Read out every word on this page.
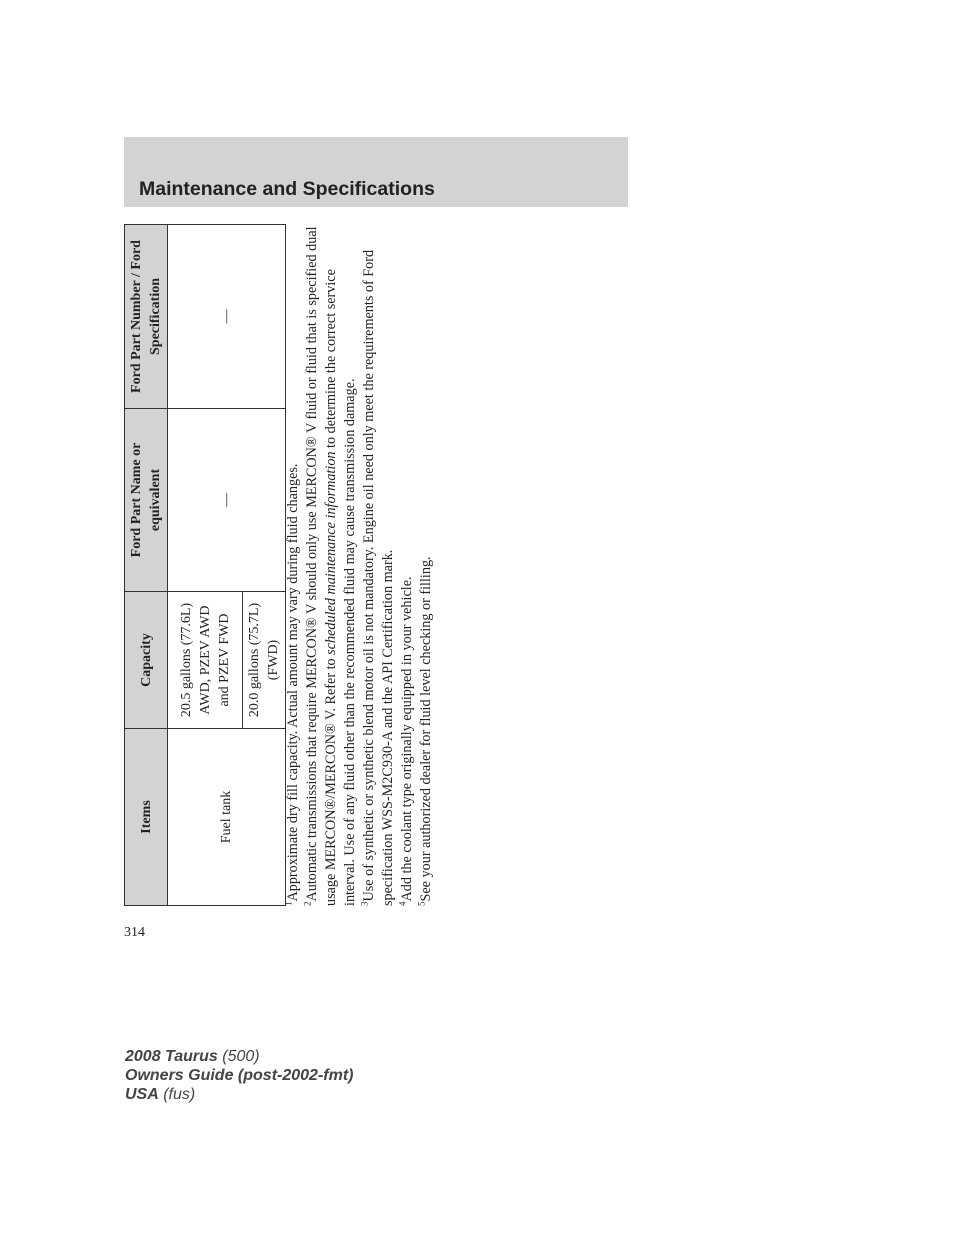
Maintenance and Specifications
Items	Capacity	Ford Part Name or equivalent	Ford Part Number / Ford Specification
Fuel tank	20.5 gallons (77.6L) AWD, PZEV AWD and PZEV FWD	—	—
	20.0 gallons (75.7L) (FWD)		

$^1$Approximate dry fill capacity. Actual amount may vary during fluid changes.

$^2$Automatic transmissions that require MERCON® V should only use MERCON® V fluid or fluid that is specified dual usage MERCON®/MERCON® V. Refer to scheduled maintenance information to determine the correct service interval. Use of any fluid other than the recommended fluid may cause transmission damage. $^3$Use of synthetic or synthetic blend motor oil is not mandatory. Engine oil need only meet the requirements of Ford specification WSS-M2C930-A and the API Certification mark. $^4$Add the coolant type originally equipped in your vehicle.

$^5$See your authorized dealer for fluid level checking or filling.

314
2008 Taurus (500)
Owners Guide (post-2002-fmt)
USA (fus)
